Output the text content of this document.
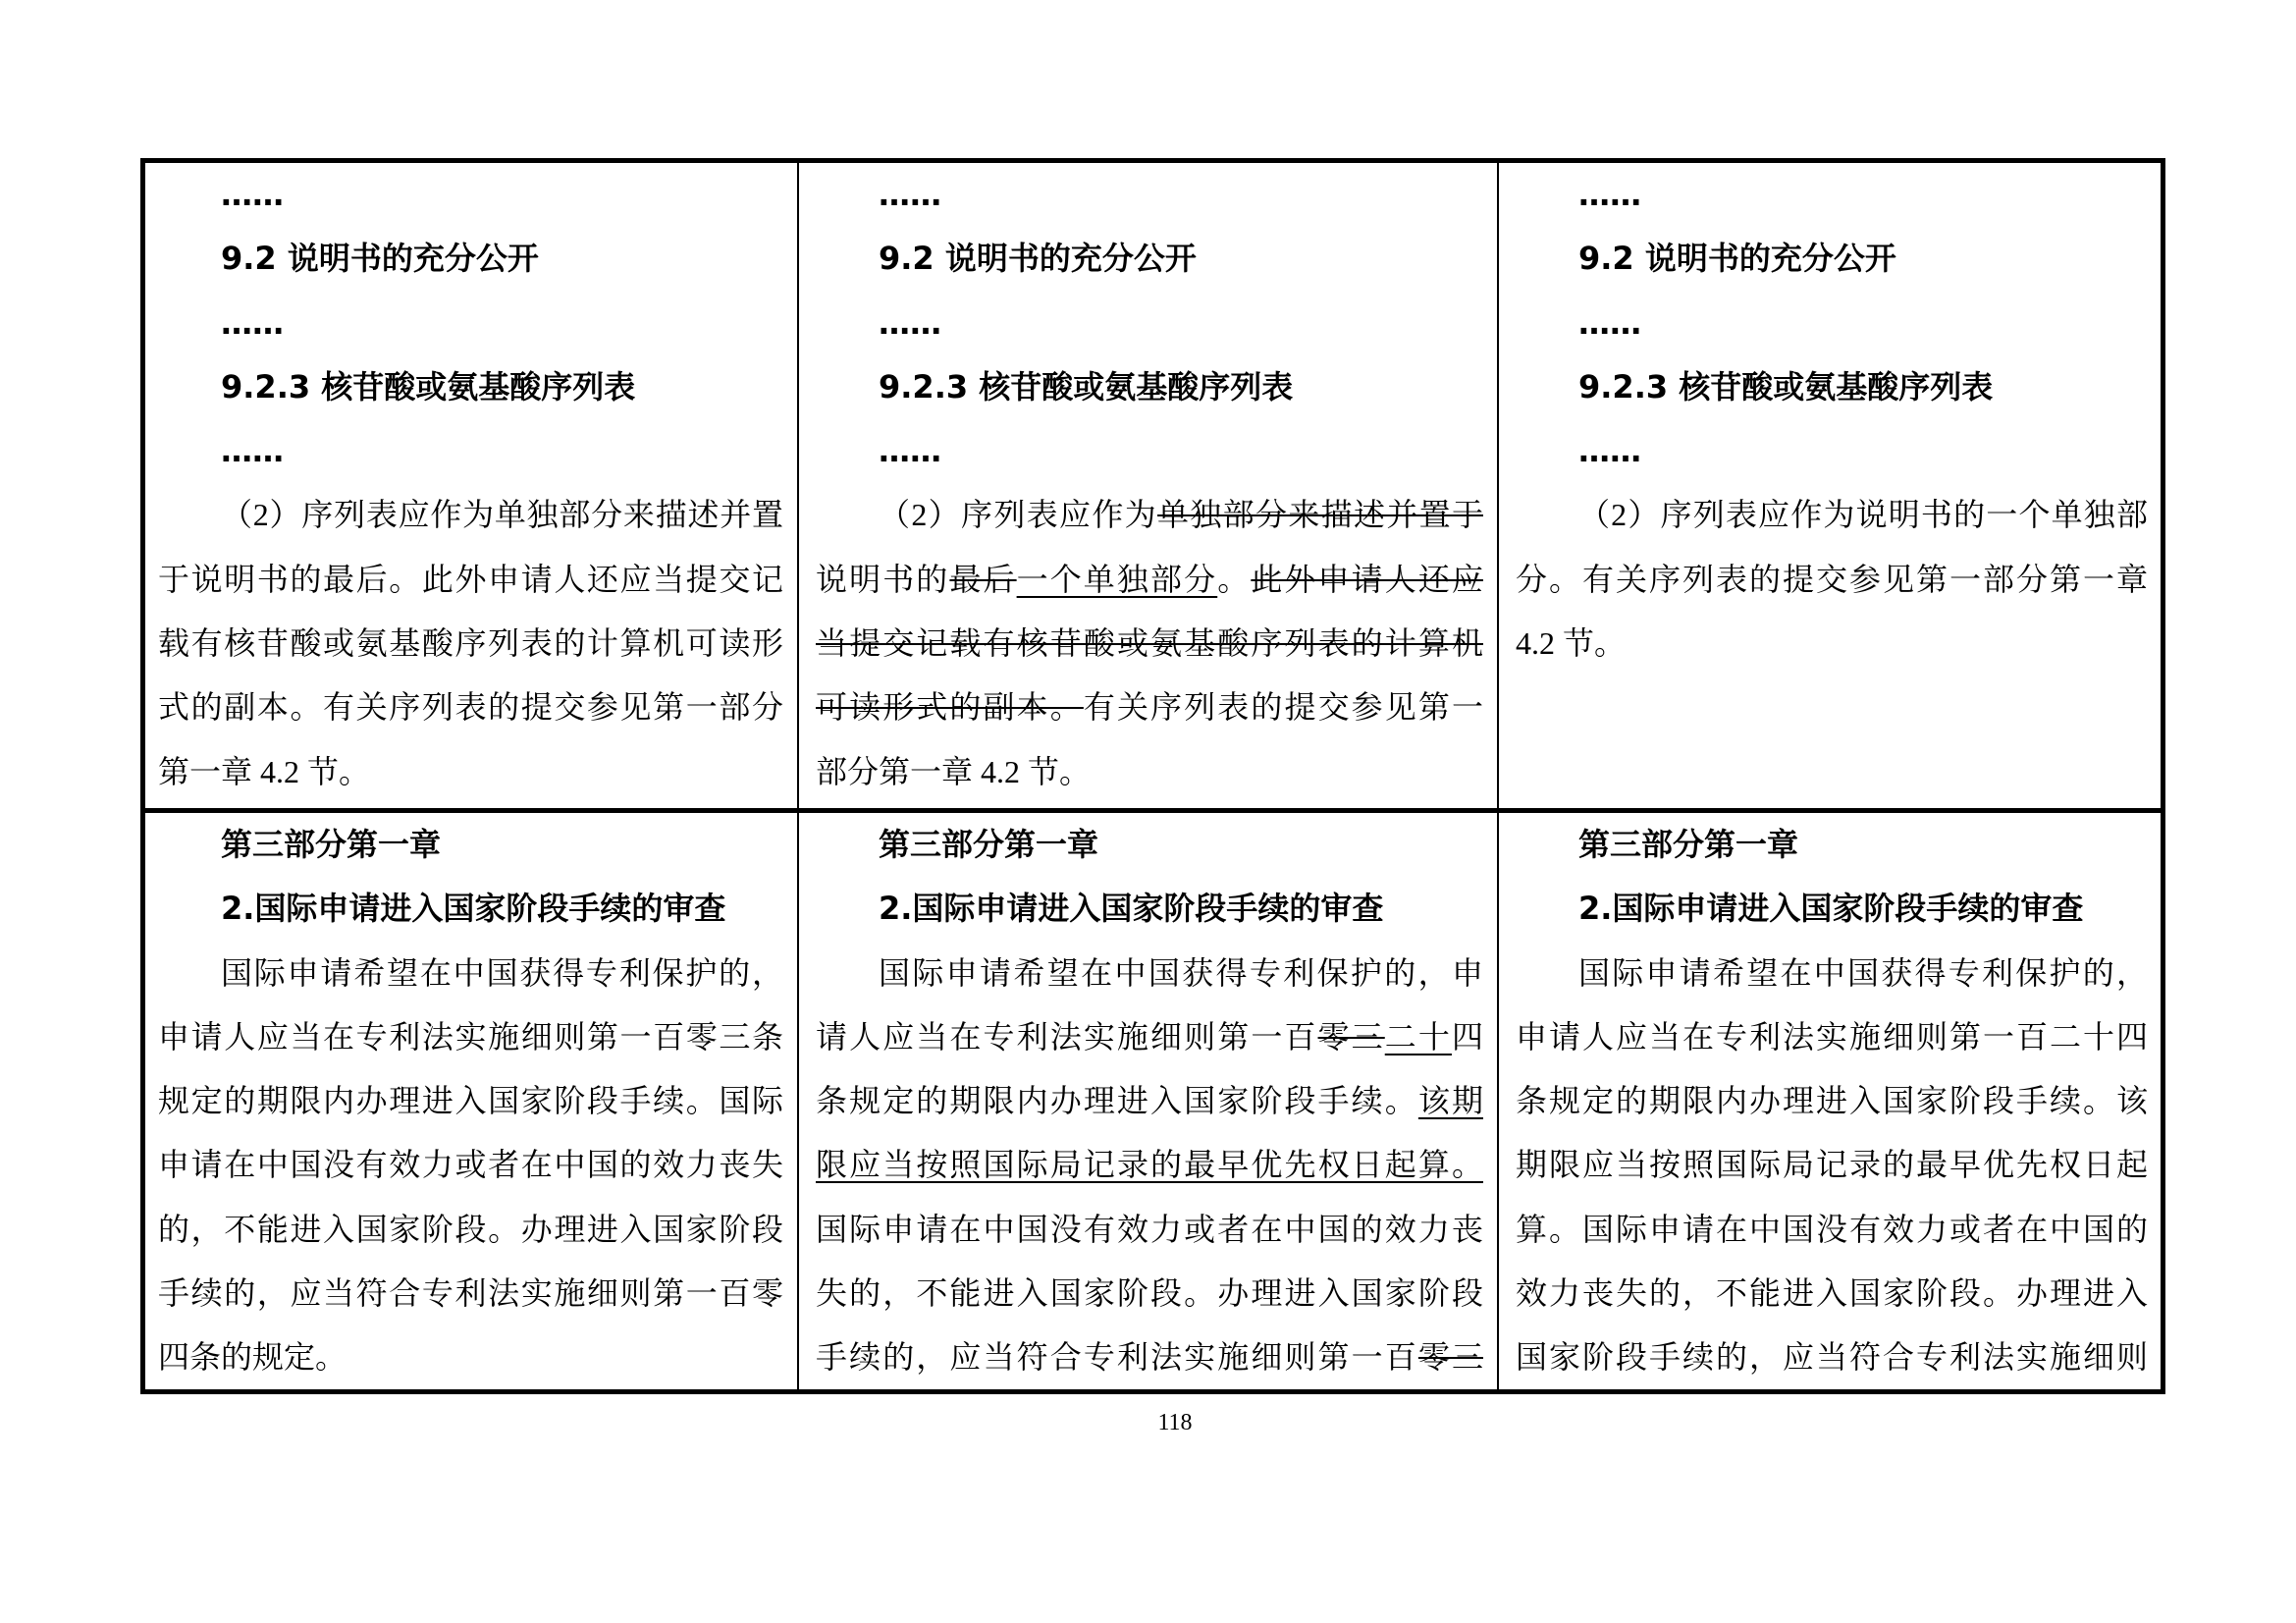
……
9.2 说明书的充分公开
……
9.2.3 核苷酸或氨基酸序列表
……
（2）序列表应作为单独部分来描述并置
于说明书的最后。此外申请人还应当提交记
载有核苷酸或氨基酸序列表的计算机可读形
式的副本。有关序列表的提交参见第一部分
第一章 4.2 节。
……
9.2 说明书的充分公开
……
9.2.3 核苷酸或氨基酸序列表
……
（2）序列表应作为单独部分来描述并置于
说明书的最后一个单独部分。此外申请人还应
当提交记载有核苷酸或氨基酸序列表的计算机
可读形式的副本。有关序列表的提交参见第一
部分第一章 4.2 节。
……
9.2 说明书的充分公开
……
9.2.3 核苷酸或氨基酸序列表
……
（2）序列表应作为说明书的一个单独部
分。有关序列表的提交参见第一部分第一章
4.2 节。
第三部分第一章
2.国际申请进入国家阶段手续的审查
国际申请希望在中国获得专利保护的，
申请人应当在专利法实施细则第一百零三条
规定的期限内办理进入国家阶段手续。国际
申请在中国没有效力或者在中国的效力丧失
的，不能进入国家阶段。办理进入国家阶段
手续的，应当符合专利法实施细则第一百零
四条的规定。
第三部分第一章
2.国际申请进入国家阶段手续的审查
国际申请希望在中国获得专利保护的，申
请人应当在专利法实施细则第一百零三二十四
条规定的期限内办理进入国家阶段手续。该期
限应当按照国际局记录的最早优先权日起算。
国际申请在中国没有效力或者在中国的效力丧
失的，不能进入国家阶段。办理进入国家阶段
手续的，应当符合专利法实施细则第一百零三
第三部分第一章
2.国际申请进入国家阶段手续的审查
国际申请希望在中国获得专利保护的，
申请人应当在专利法实施细则第一百二十四
条规定的期限内办理进入国家阶段手续。该
期限应当按照国际局记录的最早优先权日起
算。国际申请在中国没有效力或者在中国的
效力丧失的，不能进入国家阶段。办理进入
国家阶段手续的，应当符合专利法实施细则
118
